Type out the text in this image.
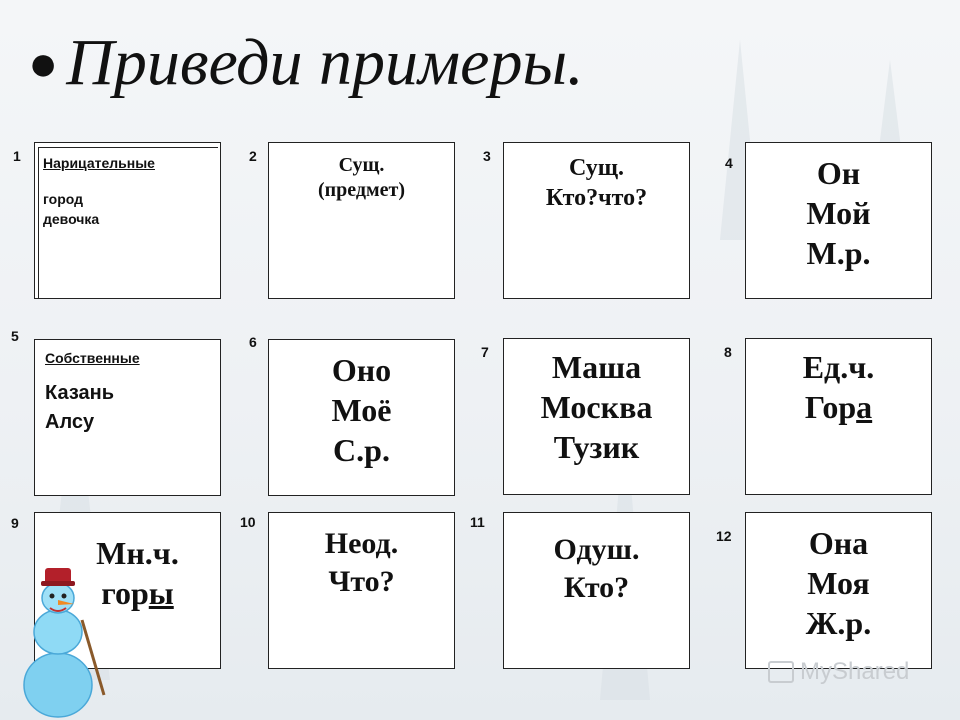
● Приведи примеры.
1 Нарицательные
город
девочка
2	Сущ.
(предмет)
3	Сущ.
Кто?что?
4	Он
Мой
М.р.
5
Собственные
Казань
Алсу
6
Оно
Моё
С.р.
7	Маша
Москва
Тузик
8	Ед.ч.
Гора
9
Мн.ч.
горы
10
Неод.
Что?
11
Одуш.
Кто?
12	Она
Моя
Ж.р.
MyShared
